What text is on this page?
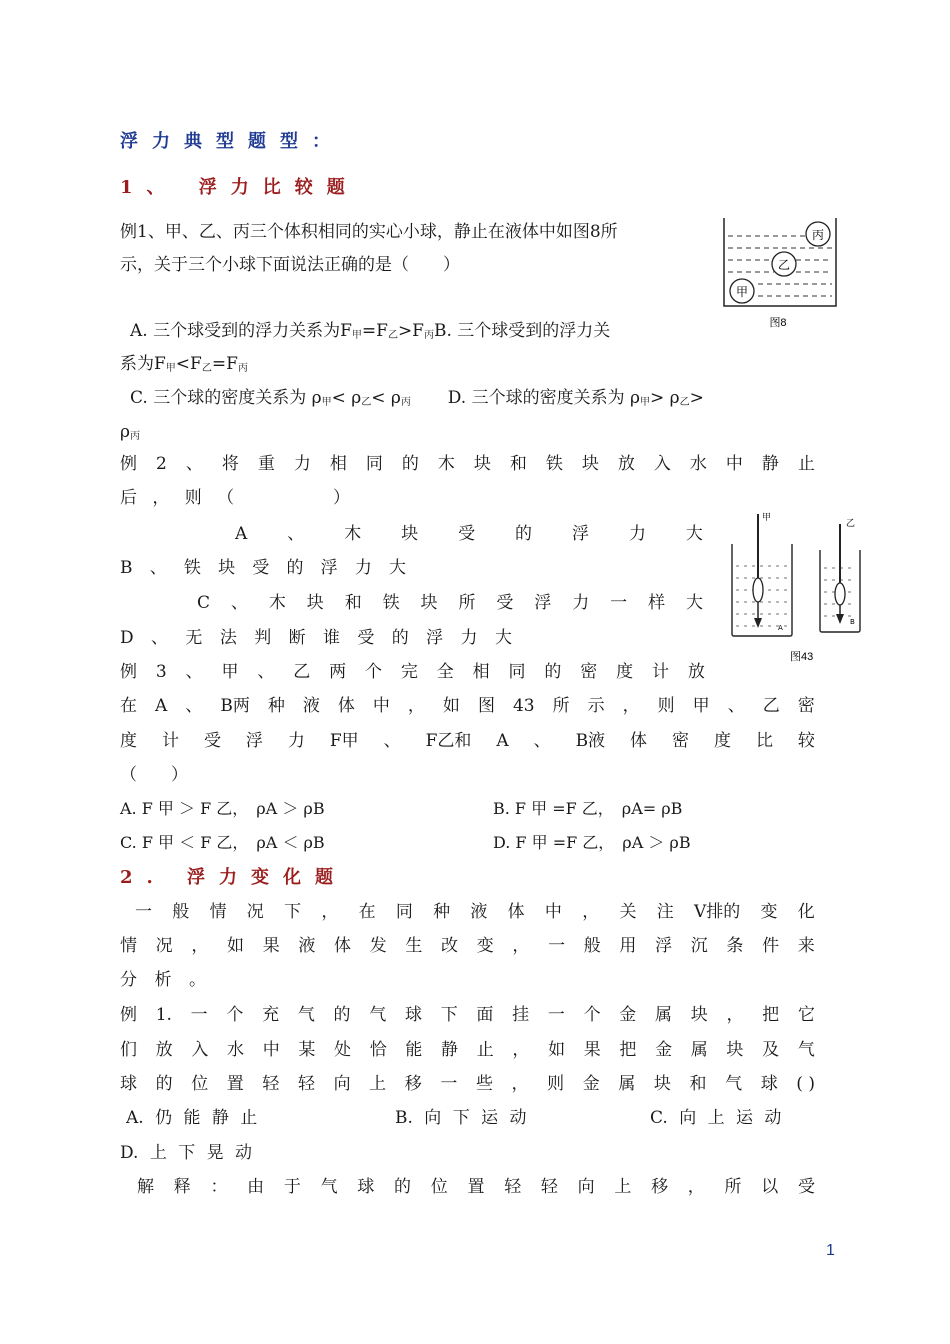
浮力典型题型：
1、 浮力比较题
例1、甲、乙、丙三个体积相同的实心小球，静止在液体中如图8所
示，关于三个小球下面说法正确的是（　　）
丙
乙
甲
图8
A. 三个球受到的浮力关系为F甲=F乙>F丙B. 三个球受到的浮力关
系为F甲<F乙=F丙
C. 三个球的密度关系为 ρ甲< ρ乙< ρ丙 D. 三个球的密度关系为 ρ甲> ρ乙>
ρ丙
例 2 、 将 重 力 相 同 的 木 块 和 铁 块 放 入 水 中 静 止
后 ， 则 （
　　　　	）
A 、 木 块 受 的 浮 力 大
B 、 铁 块 受 的 浮 力 大
C 、 木 块 和 铁 块 所 受 浮 力 一 样 大
D 、 无 法 判 断 谁 受 的 浮 力 大
甲
A
乙
B
图43
例 3 、 甲 、 乙 两 个 完 全 相 同 的 密 度 计 放
在 A 、 B两 种 液 体 中 ， 如 图 43 所 示 ， 则 甲 、 乙 密
度 计 受 浮 力 F甲 、 F乙和 A 、 B液 体 密 度 比 较
（　　）
A. F 甲 ＞ F 乙，　ρA ＞ ρB	B. F 甲 =F 乙，　ρA= ρB
C. F 甲 ＜ F 乙，　ρA ＜ ρB	D. F 甲 =F 乙，　ρA ＞ ρB
2. 浮力变化题
一 般 情 况 下 ， 在 同 种 液 体 中 ， 关 注 V排的 变 化
情 况 ， 如 果 液 体 发 生 改 变 ， 一 般 用 浮 沉 条 件 来
分 析 。
例 1. 一 个 充 气 的 气 球 下 面 挂 一 个 金 属 块 ， 把 它
们 放 入 水 中 某 处 恰 能 静 止 ， 如 果 把 金 属 块 及 气
球 的 位 置 轻 轻 向 上 移 一 些 ， 则 金 属 块 和 气 球 ( )
A. 仍 能 静 止	B. 向 下 运 动	C. 向 上 运 动
D. 上 下 晃 动
解 释 ： 由 于 气 球 的 位 置 轻 轻 向 上 移 ， 所 以 受
1
